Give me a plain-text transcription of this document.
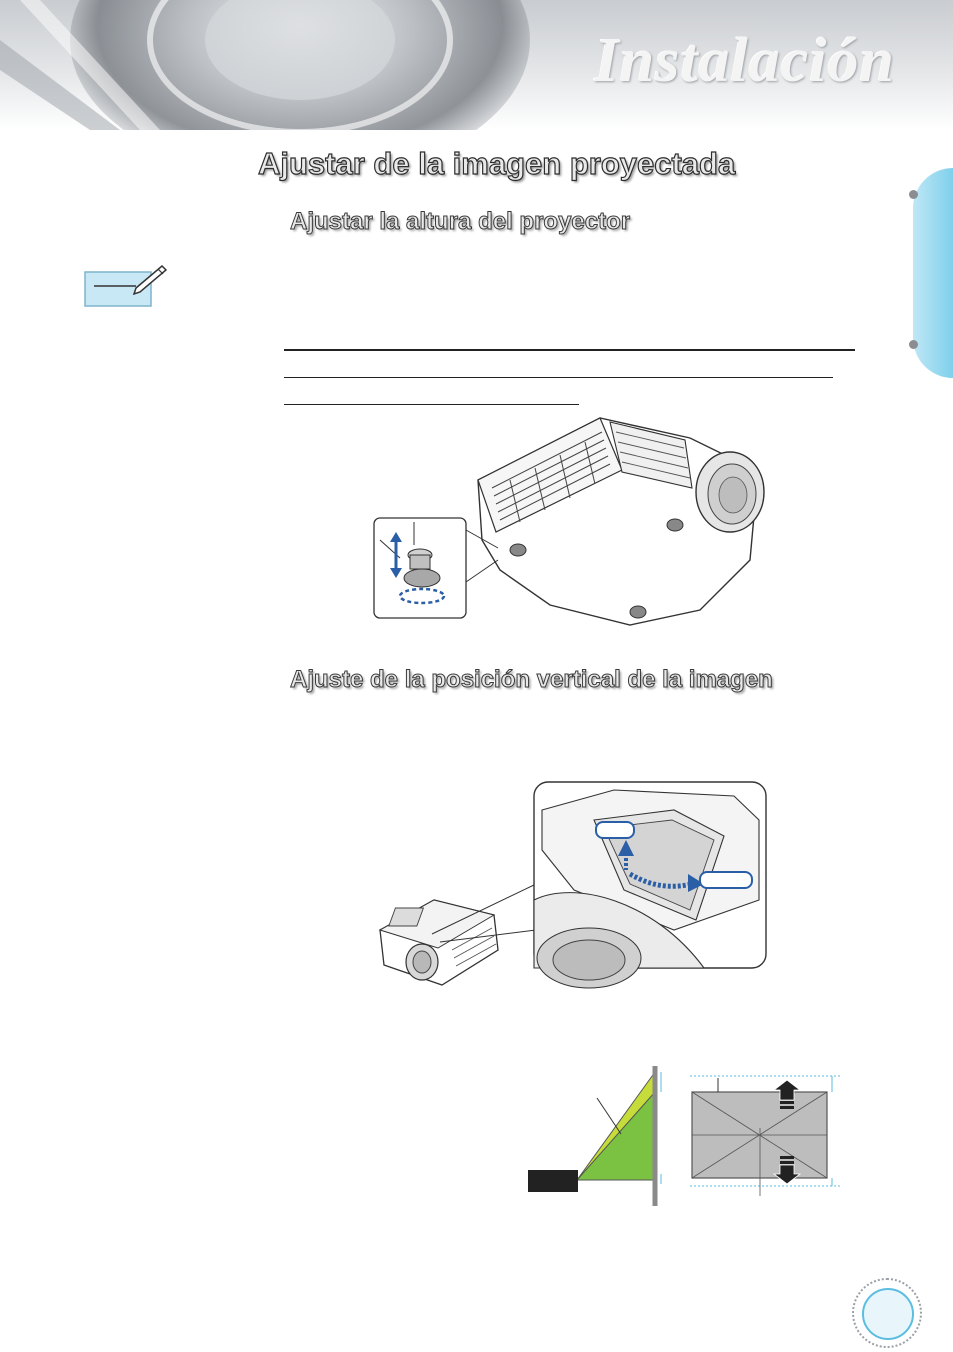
Instalación
Ajustar de la imagen proyectada
Ajustar la altura del proyector
Ajuste de la posición vertical de la imagen
